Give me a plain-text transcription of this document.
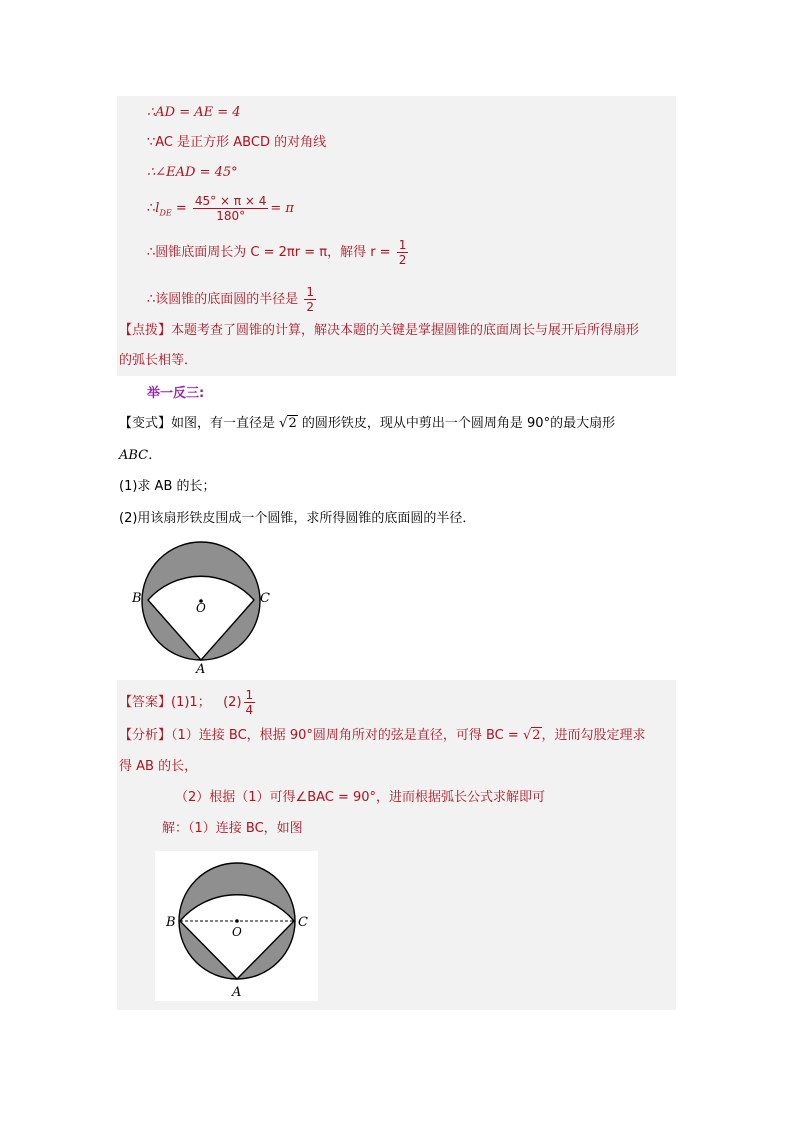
∴AD = AE = 4
∵AC 是正方形 ABCD 的对角线
∴∠EAD = 45°
$\therefore l_{DE} = \frac{45^\circ \times \pi \times 4}{180^\circ} = \pi$
∴圆锥底面周长为 C = 2πr = π，解得 $r = \frac{1}{2}$
∴该圆锥的底面圆的半径是 $\frac{1}{2}$
【点拨】本题考查了圆锥的计算，解决本题的关键是掌握圆锥的底面周长与展开后所得扇形
的弧长相等．
举一反三:
【变式】如图，有一直径是 √2 的圆形铁皮，现从中剪出一个圆周角是 90°的最大扇形
ABC．
(1)求 AB 的长；
(2)用该扇形铁皮围成一个圆锥，求所得圆锥的底面圆的半径．
B	C
O
A
【答案】(1)1； $(2) \frac{1}{4}$
【分析】（1）连接 BC，根据 90°圆周角所对的弦是直径，可得 BC = √2，进而勾股定理求
得 AB 的长，
（2）根据（1）可得∠BAC = 90°，进而根据弧长公式求解即可
解：（1）连接 BC，如图
B	C
O
A
